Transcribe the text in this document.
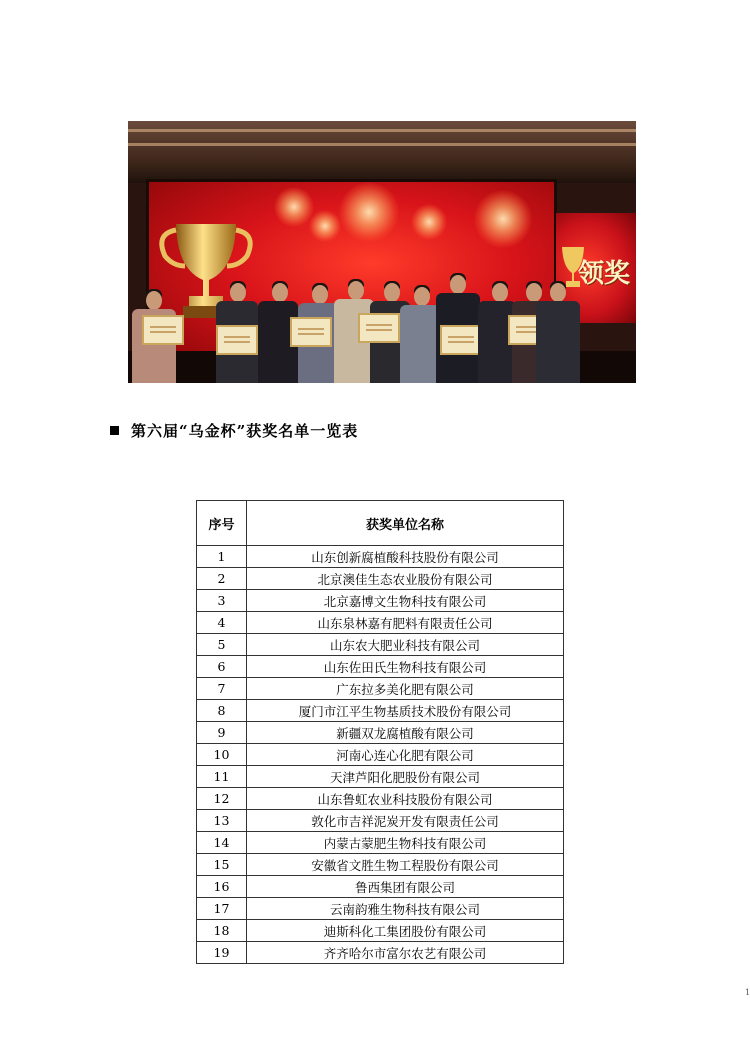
领奖
第六届“乌金杯”获奖名单一览表
序号	获奖单位名称
1	山东创新腐植酸科技股份有限公司
2	北京澳佳生态农业股份有限公司
3	北京嘉博文生物科技有限公司
4	山东泉林嘉有肥料有限责任公司
5	山东农大肥业科技有限公司
6	山东佐田氏生物科技有限公司
7	广东拉多美化肥有限公司
8	厦门市江平生物基质技术股份有限公司
9	新疆双龙腐植酸有限公司
10	河南心连心化肥有限公司
11	天津芦阳化肥股份有限公司
12	山东鲁虹农业科技股份有限公司
13	敦化市吉祥泥炭开发有限责任公司
14	内蒙古蒙肥生物科技有限公司
15	安徽省文胜生物工程股份有限公司
16	鲁西集团有限公司
17	云南韵雅生物科技有限公司
18	迪斯科化工集团股份有限公司
19	齐齐哈尔市富尔农艺有限公司
1
